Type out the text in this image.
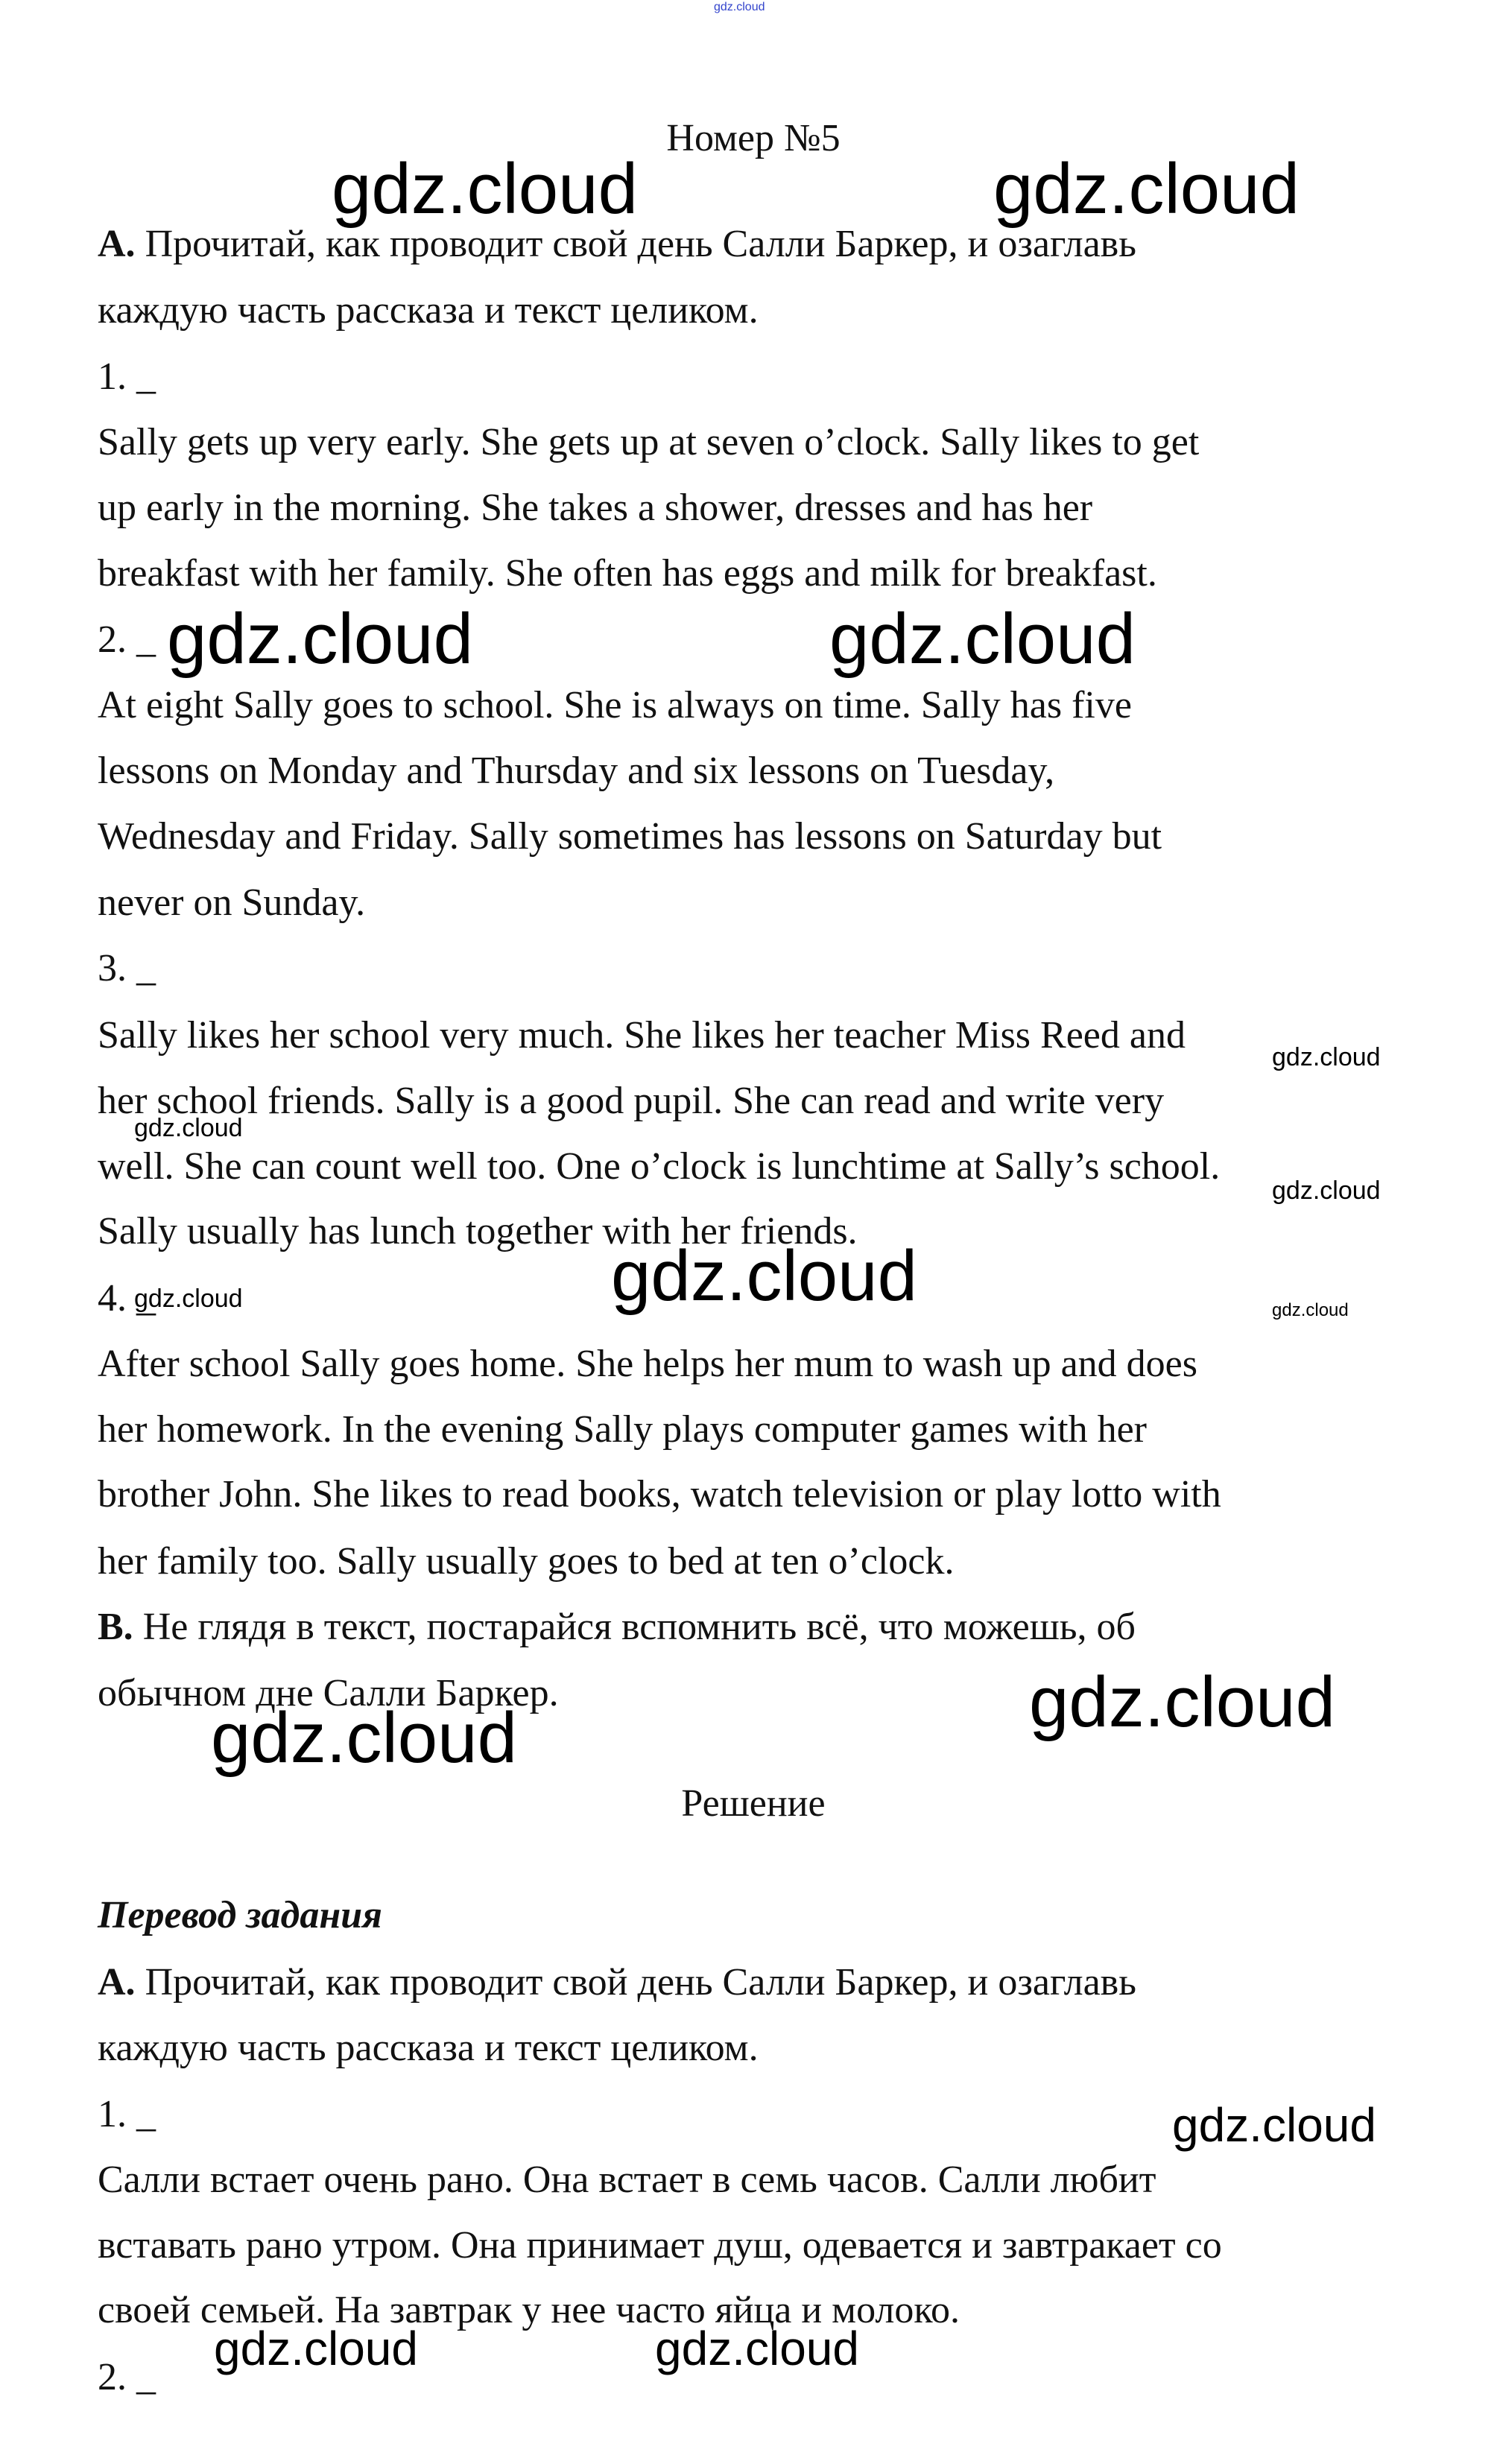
gdz.cloud
Номер №5
A. Прочитай, как проводит свой день Салли Баркер, и озаглавь
каждую часть рассказа и текст целиком.
1. _
Sally gets up very early. She gets up at seven o’clock. Sally likes to get
up early in the morning. She takes a shower, dresses and has her
breakfast with her family. She often has eggs and milk for breakfast.
2. _
At eight Sally goes to school. She is always on time. Sally has five
lessons on Monday and Thursday and six lessons on Tuesday,
Wednesday and Friday. Sally sometimes has lessons on Saturday but
never on Sunday.
3. _
Sally likes her school very much. She likes her teacher Miss Reed and
her school friends. Sally is a good pupil. She can read and write very
well. She can count well too. One o’clock is lunchtime at Sally’s school.
Sally usually has lunch together with her friends.
4. _
After school Sally goes home. She helps her mum to wash up and does
her homework. In the evening Sally plays computer games with her
brother John. She likes to read books, watch television or play lotto with
her family too. Sally usually goes to bed at ten o’clock.
B. Не глядя в текст, постарайся вспомнить всё, что можешь, об
обычном дне Салли Баркер.
Решение
Перевод задания
A. Прочитай, как проводит свой день Салли Баркер, и озаглавь
каждую часть рассказа и текст целиком.
1. _
Салли встает очень рано. Она встает в семь часов. Салли любит
вставать рано утром. Она принимает душ, одевается и завтракает со
своей семьей. На завтрак у нее часто яйца и молоко.
2. _
gdz.cloud	gdz.cloud
gdz.cloud	gdz.cloud
gdz.cloud
gdz.cloud
gdz.cloud
gdz.cloud	gdz.cloud
gdz.cloud
gdz.cloud
gdz.cloud
gdz.cloud
gdz.cloud	gdz.cloud
